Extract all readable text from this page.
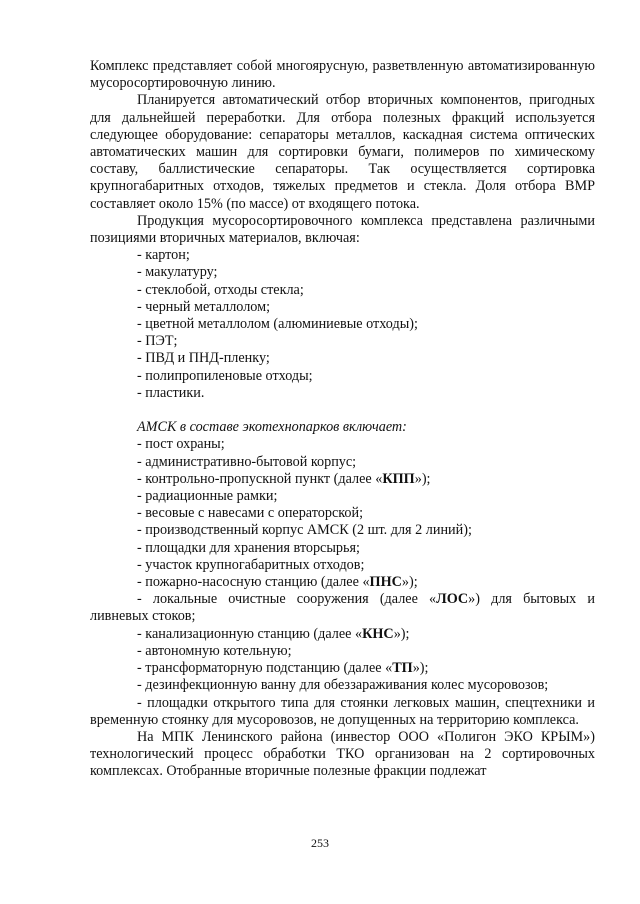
Комплекс представляет собой многоярусную, разветвленную автоматизированную мусоросортировочную линию.

Планируется автоматический отбор вторичных компонентов, пригодных для дальнейшей переработки. Для отбора полезных фракций используется следующее оборудование: сепараторы металлов, каскадная система оптических автоматических машин для сортировки бумаги, полимеров по химическому составу, баллистические сепараторы. Так осуществляется сортировка крупногабаритных отходов, тяжелых предметов и стекла. Доля отбора ВМР составляет около 15% (по массе) от входящего потока.

Продукция мусоросортировочного комплекса представлена различными позициями вторичных материалов, включая:

- картон;

- макулатуру;

- стеклобой, отходы стекла;

- черный металлолом;

- цветной металлолом (алюминиевые отходы);

- ПЭТ;

- ПВД и ПНД-пленку;

- полипропиленовые отходы;

- пластики.

АМСК в составе экотехнопарков включает:

- пост охраны;

- административно-бытовой корпус;

- контрольно-пропускной пункт (далее «КПП»);

- радиационные рамки;

- весовые с навесами с операторской;

- производственный корпус АМСК (2 шт. для 2 линий);

- площадки для хранения вторсырья;

- участок крупногабаритных отходов;

- пожарно-насосную станцию (далее «ПНС»);

- локальные очистные сооружения (далее «ЛОС») для бытовых и ливневых стоков;

- канализационную станцию (далее «КНС»);

- автономную котельную;

- трансформаторную подстанцию (далее «ТП»);

- дезинфекционную ванну для обеззараживания колес мусоровозов;

- площадки открытого типа для стоянки легковых машин, спецтехники и временную стоянку для мусоровозов, не допущенных на территорию комплекса.

На МПК Ленинского района (инвестор ООО «Полигон ЭКО КРЫМ») технологический процесс обработки ТКО организован на 2 сортировочных комплексах. Отобранные вторичные полезные фракции подлежат

253
